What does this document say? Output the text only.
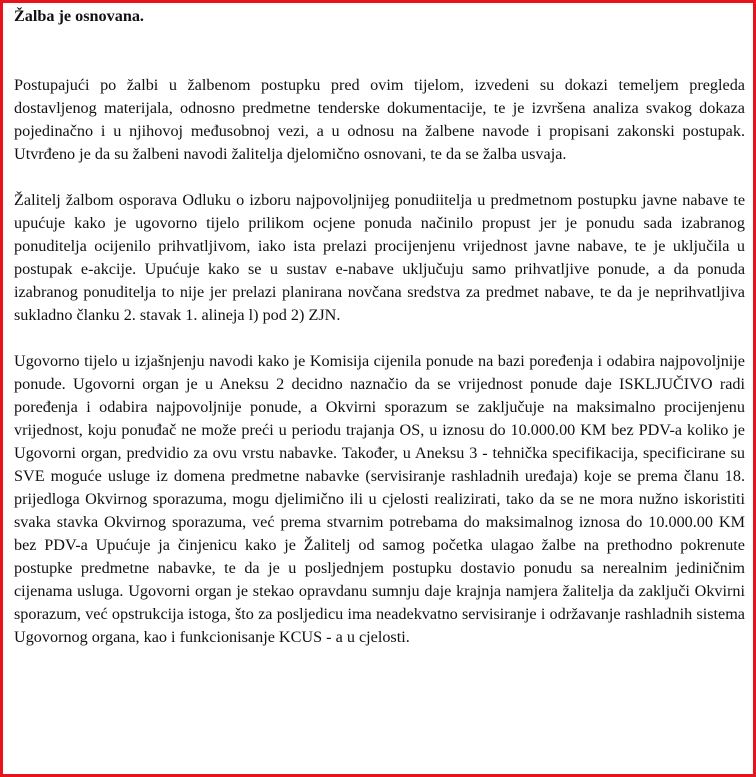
Žalba je osnovana.

Postupajući po žalbi u žalbenom postupku pred ovim tijelom, izvedeni su dokazi temeljem pregleda dostavljenog materijala, odnosno predmetne tenderske dokumentacije, te je izvršena analiza svakog dokaza pojedinačno i u njihovoj međusobnoj vezi, a u odnosu na žalbene navode i propisani zakonski postupak. Utvrđeno je da su žalbeni navodi žalitelja djelomično osnovani, te da se žalba usvaja.

Žalitelj žalbom osporava Odluku o izboru najpovoljnijeg ponudiitelja u predmetnom postupku javne nabave te upućuje kako je ugovorno tijelo prilikom ocjene ponuda načinilo propust jer je ponudu sada izabranog ponuditelja ocijenilo prihvatljivom, iako ista prelazi procijenjenu vrijednost javne nabave, te je uključila u postupak e-akcije. Upućuje kako se u sustav e-nabave uključuju samo prihvatljive ponude, a da ponuda izabranog ponuditelja to nije jer prelazi planirana novčana sredstva za predmet nabave, te da je neprihvatljiva sukladno članku 2. stavak 1. alineja l) pod 2) ZJN.

Ugovorno tijelo u izjašnjenju navodi kako je Komisija cijenila ponude na bazi poređenja i odabira najpovoljnije ponude. Ugovorni organ je u Aneksu 2 decidno naznačio da se vrijednost ponude daje ISKLJUČIVO radi poređenja i odabira najpovoljnije ponude, a Okvirni sporazum se zaključuje na maksimalno procijenjenu vrijednost, koju ponuđač ne može preći u periodu trajanja OS, u iznosu do 10.000.00 KM bez PDV-a koliko je Ugovorni organ, predvidio za ovu vrstu nabavke. Također, u Aneksu 3 - tehnička specifikacija, specificirane su SVE moguće usluge iz domena predmetne nabavke (servisiranje rashladnih uređaja) koje se prema članu 18. prijedloga Okvirnog sporazuma, mogu djelimično ili u cjelosti realizirati, tako da se ne mora nužno iskoristiti svaka stavka Okvirnog sporazuma, već prema stvarnim potrebama do maksimalnog iznosa do 10.000.00 KM bez PDV-a Upućuje ja činjenicu kako je Žalitelj od samog početka ulagao žalbe na prethodno pokrenute postupke predmetne nabavke, te da je u posljednjem postupku dostavio ponudu sa nerealnim jediničnim cijenama usluga. Ugovorni organ je stekao opravdanu sumnju daje krajnja namjera žalitelja da zaključi Okvirni sporazum, već opstrukcija istoga, što za posljedicu ima neadekvatno servisiranje i održavanje rashladnih sistema Ugovornog organa, kao i funkcionisanje KCUS - a u cjelosti.
